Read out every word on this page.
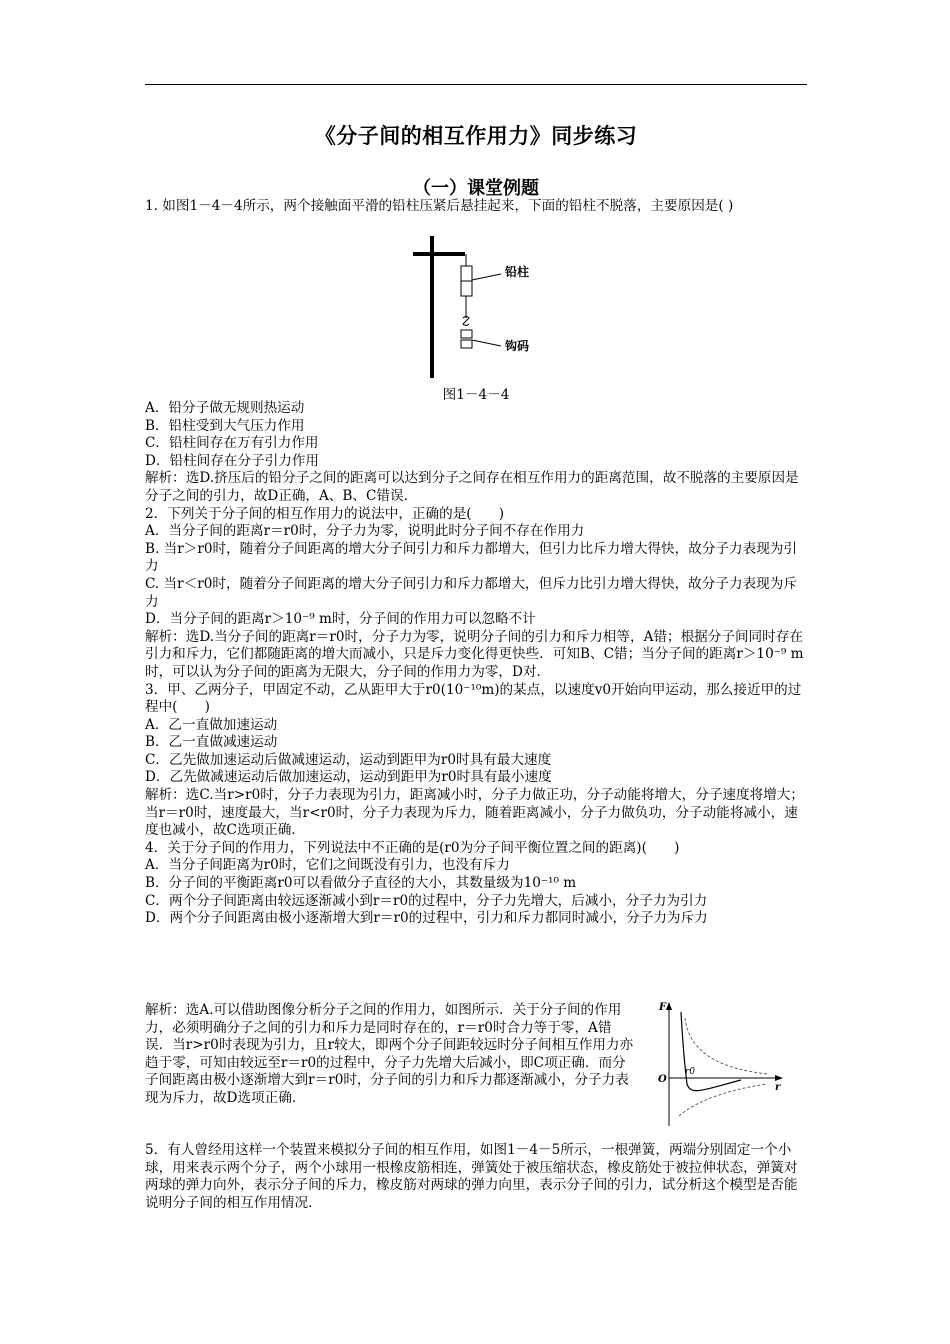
《分子间的相互作用力》同步练习
（一）课堂例题

1. 如图1－4－4所示，两个接触面平滑的铅柱压紧后悬挂起来，下面的铅柱不脱落，主要原因是( )

铅柱
钩码
图1－4－4

A．铅分子做无规则热运动

B．铅柱受到大气压力作用

C．铅柱间存在万有引力作用

D．铅柱间存在分子引力作用

解析：选D.挤压后的铅分子之间的距离可以达到分子之间存在相互作用力的距离范围，故不脱落的主要原因是分子之间的引力，故D正确，A、B、C错误．

2．下列关于分子间的相互作用力的说法中，正确的是(　　)

A．当分子间的距离r＝r0时，分子力为零，说明此时分子间不存在作用力

B. 当r＞r0时，随着分子间距离的增大分子间引力和斥力都增大，但引力比斥力增大得快，故分子力表现为引力

C. 当r＜r0时，随着分子间距离的增大分子间引力和斥力都增大，但斥力比引力增大得快，故分子力表现为斥力

D．当分子间的距离r＞10⁻⁹ m时，分子间的作用力可以忽略不计

解析：选D.当分子间的距离r＝r0时，分子力为零，说明分子间的引力和斥力相等，A错；根据分子间同时存在引力和斥力，它们都随距离的增大而减小，只是斥力变化得更快些．可知B、C错；当分子间的距离r＞10⁻⁹ m时，可以认为分子间的距离为无限大，分子间的作用力为零，D对．

3．甲、乙两分子，甲固定不动，乙从距甲大于r0(10⁻¹⁰m)的某点，以速度v0开始向甲运动，那么接近甲的过程中(　　)

A．乙一直做加速运动

B．乙一直做减速运动

C．乙先做加速运动后做减速运动，运动到距甲为r0时具有最大速度

D．乙先做减速运动后做加速运动，运动到距甲为r0时具有最小速度

解析：选C.当r>r0时，分子力表现为引力，距离减小时，分子力做正功，分子动能将增大，分子速度将增大；当r＝r0时，速度最大，当r<r0时，分子力表现为斥力，随着距离减小，分子力做负功，分子动能将减小，速度也减小，故C选项正确．

4．关于分子间的作用力，下列说法中不正确的是(r0为分子间平衡位置之间的距离)(　　)

A．当分子间距离为r0时，它们之间既没有引力，也没有斥力

B．分子间的平衡距离r0可以看做分子直径的大小，其数量级为10⁻¹⁰ m

C．两个分子间距离由较远逐渐减小到r＝r0的过程中，分子力先增大，后减小，分子力为引力

D．两个分子间距离由极小逐渐增大到r＝r0的过程中，引力和斥力都同时减小，分子力为斥力

解析：选A.可以借助图像分析分子之间的作用力，如图所示．关于分子间的作用力，必须明确分子之间的引力和斥力是同时存在的，r＝r0时合力等于零，A错误．当r>r0时表现为引力，且r较大，即两个分子间距较远时分子间相互作用力亦趋于零，可知由较远至r＝r0的过程中，分子力先增大后减小，即C项正确．而分子间距离由极小逐渐增大到r＝r0时，分子间的引力和斥力都逐渐减小，分子力表现为斥力，故D选项正确．

F
r
O
r0

5．有人曾经用这样一个装置来模拟分子间的相互作用，如图1－4－5所示，一根弹簧，两端分别固定一个小球，用来表示两个分子，两个小球用一根橡皮筋相连，弹簧处于被压缩状态，橡皮筋处于被拉伸状态，弹簧对两球的弹力向外，表示分子间的斥力，橡皮筋对两球的弹力向里，表示分子间的引力，试分析这个模型是否能说明分子间的相互作用情况．
